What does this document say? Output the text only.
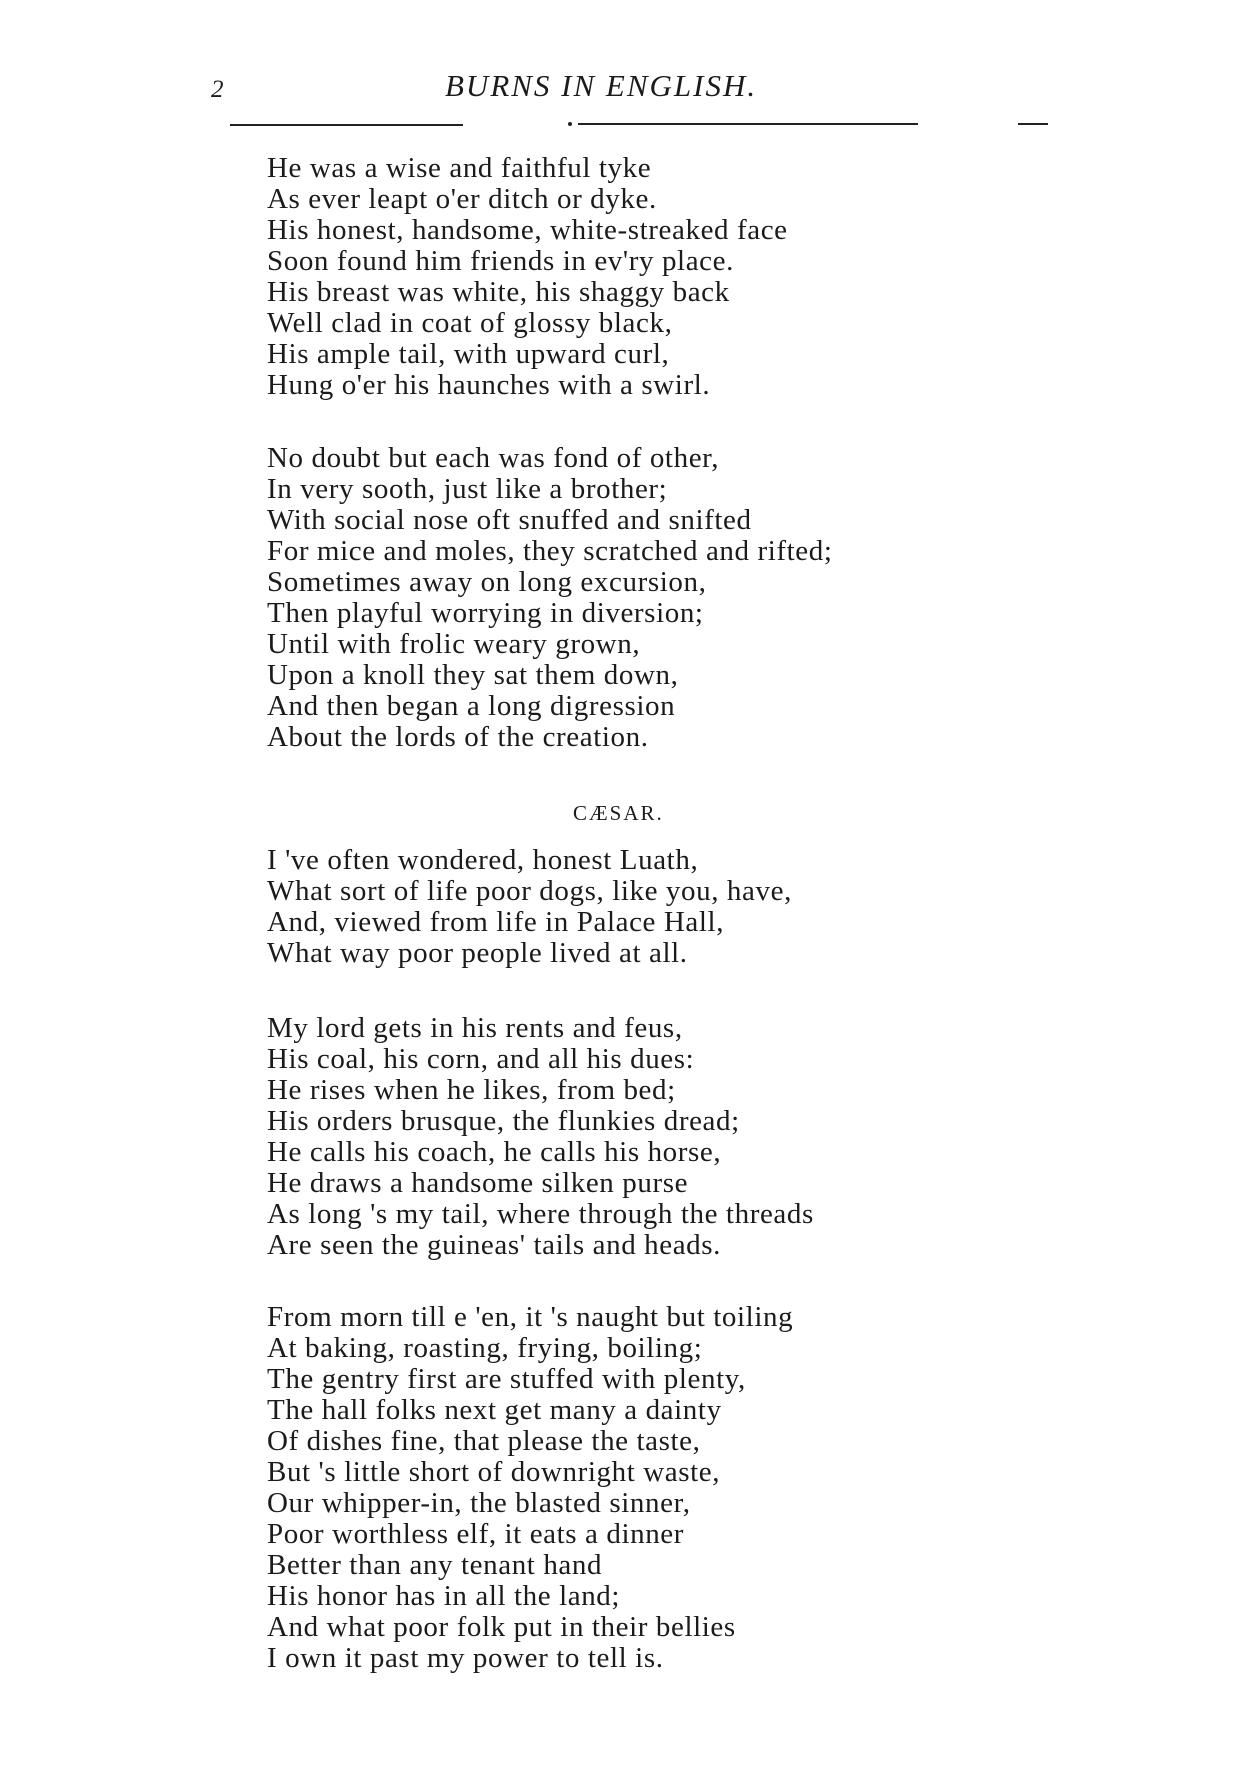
2	BURNS IN ENGLISH.
He was a wise and faithful tyke
As ever leapt o'er ditch or dyke.
His honest, handsome, white-streaked face
Soon found him friends in ev'ry place.
His breast was white, his shaggy back
Well clad in coat of glossy black,
His ample tail, with upward curl,
Hung o'er his haunches with a swirl.
No doubt but each was fond of other,
In very sooth, just like a brother;
With social nose oft snuffed and snifted
For mice and moles, they scratched and rifted;
Sometimes away on long excursion,
Then playful worrying in diversion;
Until with frolic weary grown,
Upon a knoll they sat them down,
And then began a long digression
About the lords of the creation.
CÆSAR.
I 've often wondered, honest Luath,
What sort of life poor dogs, like you, have,
And, viewed from life in Palace Hall,
What way poor people lived at all.
My lord gets in his rents and feus,
His coal, his corn, and all his dues:
He rises when he likes, from bed;
His orders brusque, the flunkies dread;
He calls his coach, he calls his horse,
He draws a handsome silken purse
As long 's my tail, where through the threads
Are seen the guineas' tails and heads.
From morn till e 'en, it 's naught but toiling
At baking, roasting, frying, boiling;
The gentry first are stuffed with plenty,
The hall folks next get many a dainty
Of dishes fine, that please the taste,
But 's little short of downright waste,
Our whipper-in, the blasted sinner,
Poor worthless elf, it eats a dinner
Better than any tenant hand
His honor has in all the land;
And what poor folk put in their bellies
I own it past my power to tell is.
